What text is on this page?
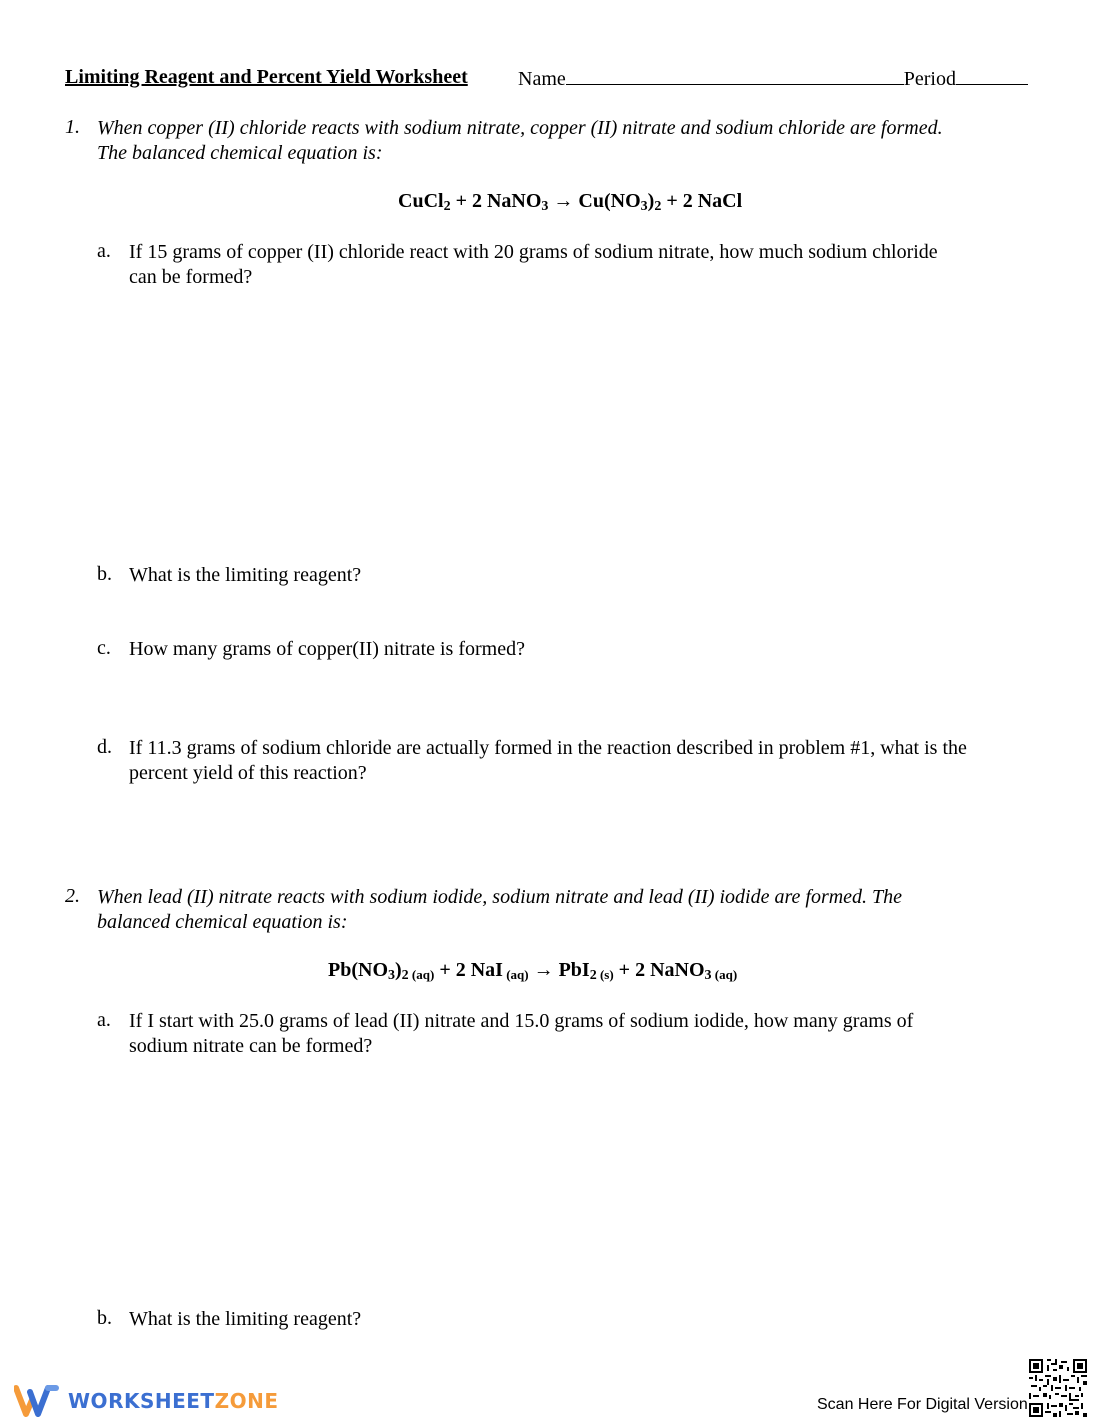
Limiting Reagent and Percent Yield Worksheet	Name	Period
1. When copper (II) chloride reacts with sodium nitrate, copper (II) nitrate and sodium chloride are formed.
The balanced chemical equation is:
CuCl$_2$ + 2 NaNO$_3$ → $Cu(NO_3)_2 + 2$ NaCl
a. If 15 grams of copper (II) chloride react with 20 grams of sodium nitrate, how much sodium chloride
can be formed?
b. What is the limiting reagent?
c. How many grams of copper(II) nitrate is formed?
d. If 11.3 grams of sodium chloride are actually formed in the reaction described in problem #1, what is the
percent yield of this reaction?
2. When lead (II) nitrate reacts with sodium iodide, sodium nitrate and lead (II) iodide are formed. The
balanced chemical equation is:
$Pb(NO_3)_2$ (aq) + 2 NaI (aq) → PbI$_2$ (s) + 2 NaNO$_3$ (aq)
a. If I start with 25.0 grams of lead (II) nitrate and 15.0 grams of sodium iodide, how many grams of
sodium nitrate can be formed?
b. What is the limiting reagent?
WORKSHEETZONE	Scan Here For Digital Version
